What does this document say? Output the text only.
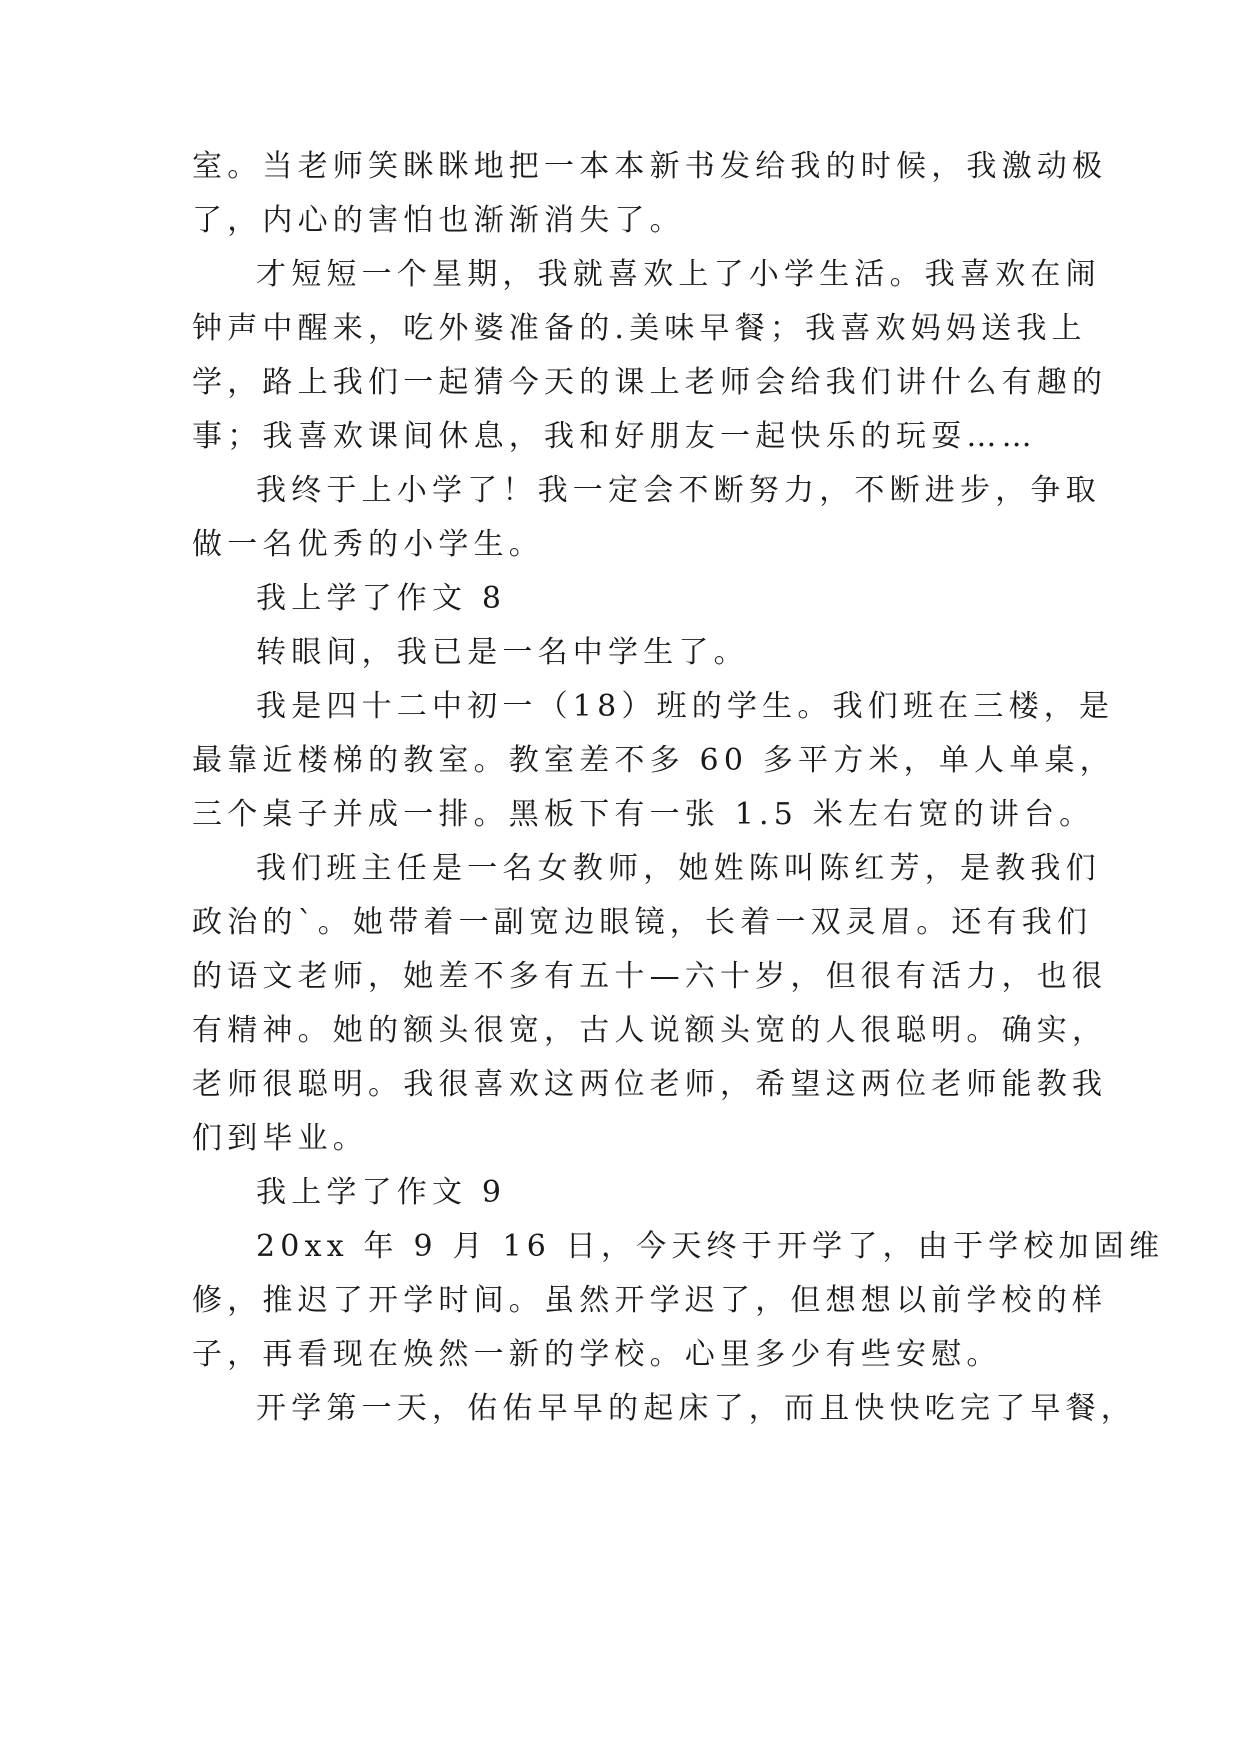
室。当老师笑眯眯地把一本本新书发给我的时候，我激动极
了，内心的害怕也渐渐消失了。
才短短一个星期，我就喜欢上了小学生活。我喜欢在闹
钟声中醒来，吃外婆准备的.美味早餐；我喜欢妈妈送我上
学，路上我们一起猜今天的课上老师会给我们讲什么有趣的
事；我喜欢课间休息，我和好朋友一起快乐的玩耍……
我终于上小学了！我一定会不断努力，不断进步，争取
做一名优秀的小学生。
我上学了作文 8
转眼间，我已是一名中学生了。
我是四十二中初一（18）班的学生。我们班在三楼，是
最靠近楼梯的教室。教室差不多 60 多平方米，单人单桌，
三个桌子并成一排。黑板下有一张 1.5 米左右宽的讲台。
我们班主任是一名女教师，她姓陈叫陈红芳，是教我们
政治的`。她带着一副宽边眼镜，长着一双灵眉。还有我们
的语文老师，她差不多有五十—六十岁，但很有活力，也很
有精神。她的额头很宽，古人说额头宽的人很聪明。确实，
老师很聪明。我很喜欢这两位老师，希望这两位老师能教我
们到毕业。
我上学了作文 9
20xx 年 9 月 16 日，今天终于开学了，由于学校加固维
修，推迟了开学时间。虽然开学迟了，但想想以前学校的样
子，再看现在焕然一新的学校。心里多少有些安慰。
开学第一天，佑佑早早的起床了，而且快快吃完了早餐，
